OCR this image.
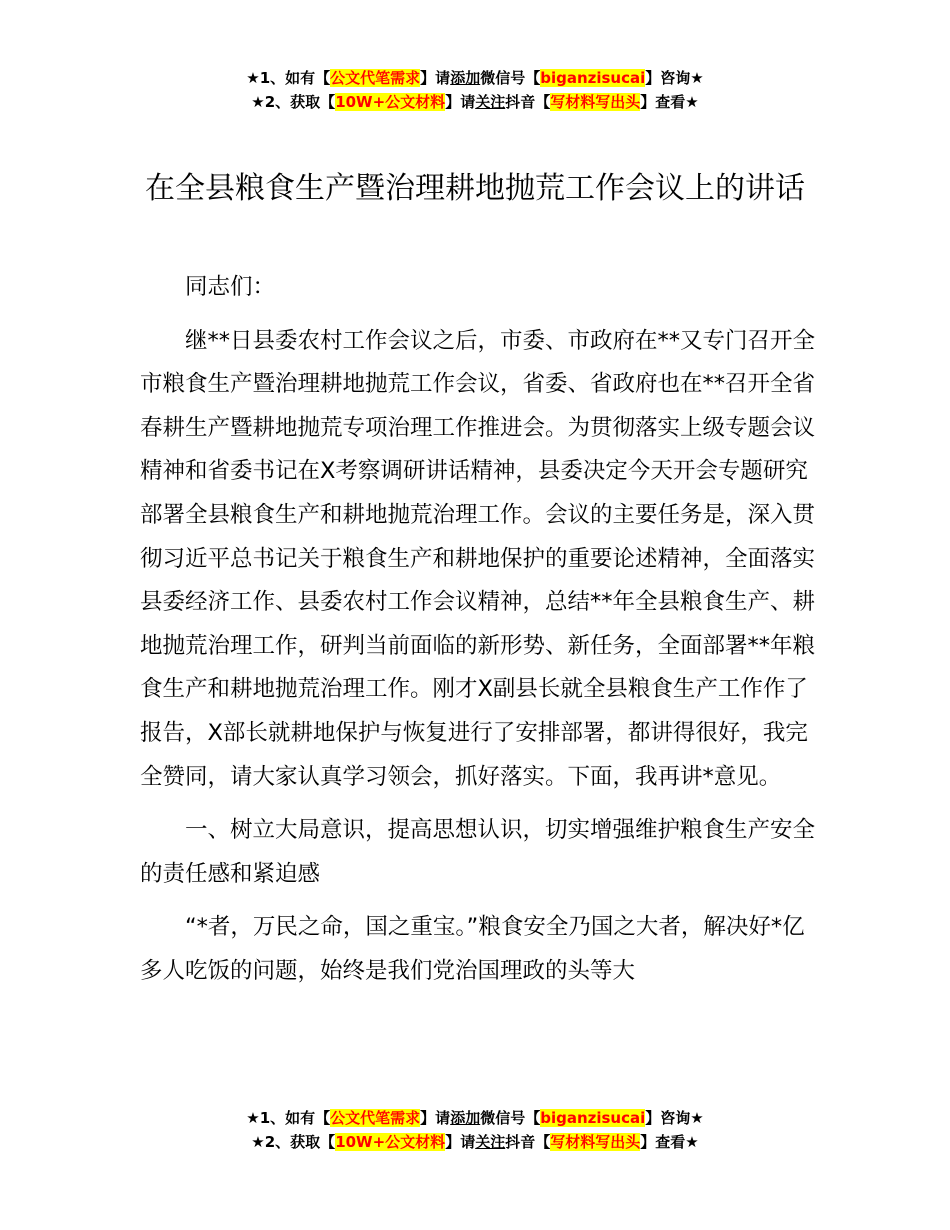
★1、如有【公文代笔需求】请添加微信号【biganzisucai】咨询★
★2、获取【10W+公文材料】请关注抖音【写材料写出头】查看★
在全县粮食生产暨治理耕地抛荒工作会议上的讲话

同志们：

继**日县委农村工作会议之后，市委、市政府在**又专门召开全市粮食生产暨治理耕地抛荒工作会议，省委、省政府也在**召开全省春耕生产暨耕地抛荒专项治理工作推进会。为贯彻落实上级专题会议精神和省委书记在X考察调研讲话精神，县委决定今天开会专题研究部署全县粮食生产和耕地抛荒治理工作。会议的主要任务是，深入贯彻习近平总书记关于粮食生产和耕地保护的重要论述精神，全面落实县委经济工作、县委农村工作会议精神，总结**年全县粮食生产、耕地抛荒治理工作，研判当前面临的新形势、新任务，全面部署**年粮食生产和耕地抛荒治理工作。刚才X副县长就全县粮食生产工作作了报告，X部长就耕地保护与恢复进行了安排部署，都讲得很好，我完全赞同，请大家认真学习领会，抓好落实。下面，我再讲*意见。

一、树立大局意识，提高思想认识，切实增强维护粮食生产安全的责任感和紧迫感

“*者，万民之命，国之重宝。”粮食安全乃国之大者，解决好*亿多人吃饭的问题，始终是我们党治国理政的头等大

★1、如有【公文代笔需求】请添加微信号【biganzisucai】咨询★
★2、获取【10W+公文材料】请关注抖音【写材料写出头】查看★
